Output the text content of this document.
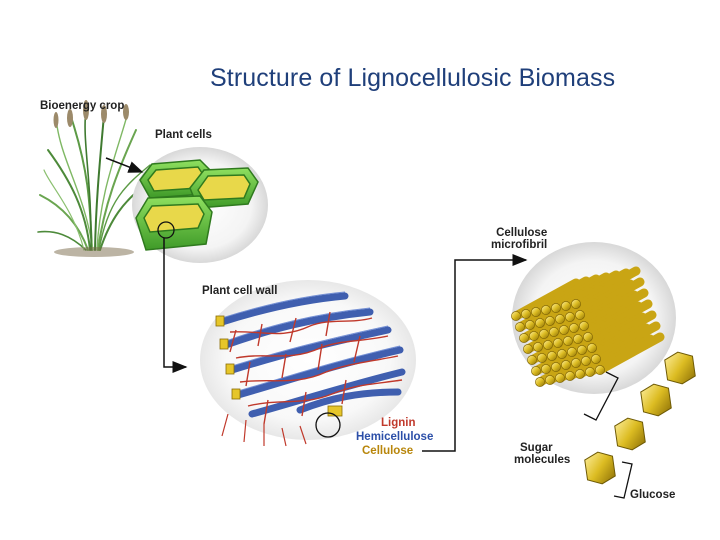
Structure of Lignocellulosic Biomass
Bioenergy crop
Plant cells
Plant cell wall
Lignin
Hemicellulose
Cellulose
Cellulose
microfibril
Sugar
molecules
Glucose
